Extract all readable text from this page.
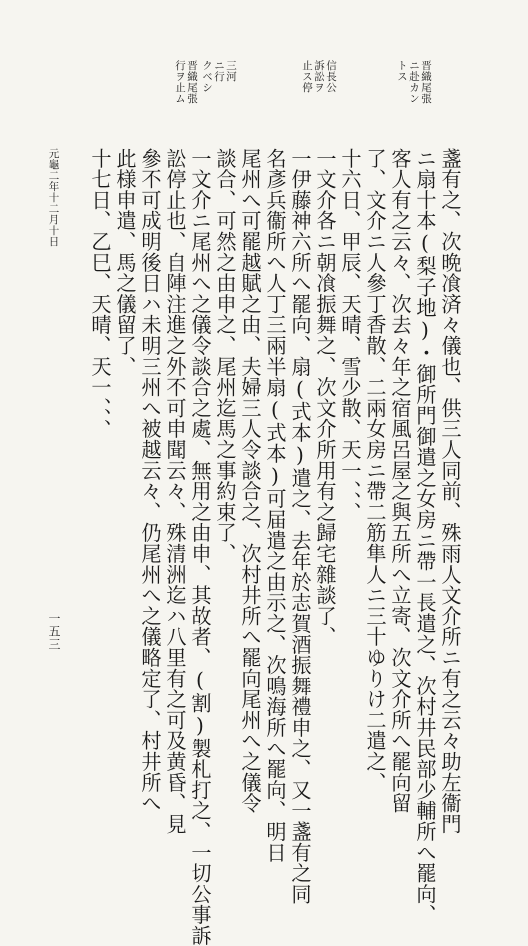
晋織尾張
ニ赴カン
トス
信長公
訴訟ヲ
止ス停
三河
ニ行
クベシ
晋織尾張
行ヲ止ム
盞有之、次晩飡済々儀也、供三人同前、殊雨人文介所ニ有之云々助左衞門
ニ扇十本(梨子地)・御所門御遣之女房ニ帶一長遣之、次村井民部少輔所へ罷向、
客人有之云々、次去々年之宿風呂屋之與五所へ立寄、次文介所へ罷向留
了、文介ニ人參丁香散、二兩女房ニ帶二筋隼人ニ三十ゆりけ二遣之、
十六日、甲辰、天晴、雪少散、天一、、、
一文介各ニ朝飡振舞之、次文介所用有之歸宅雜談了、
一伊藤神六所へ罷向、扇(式本)遣之、去年於志賀酒振舞禮申之、又一盞有之同
名彥兵衞所へ人丁三兩半扇(式本)可届遣之由示之、次鳴海所へ罷向、明日
尾州へ可罷越賦之由、夫婦三人令談合之、次村井所へ罷向尾州へ之儀令
談合、可然之由申之、尾州迄馬之事約束了、
一文介ニ尾州へ之儀令談合之處、無用之由申、其故者、(割)製札打之、一切公事訴
訟停止也、自陣注進之外不可申聞云々、殊清洲迄ハ八里有之可及黄昏、見
參不可成明後日ハ未明三州へ被越云々、仍尾州へ之儀略定了、村井所へ
此様申遣、馬之儀留了、
十七日、乙巳、天晴、天一、、、
元龜二年十二月十日
一五三
